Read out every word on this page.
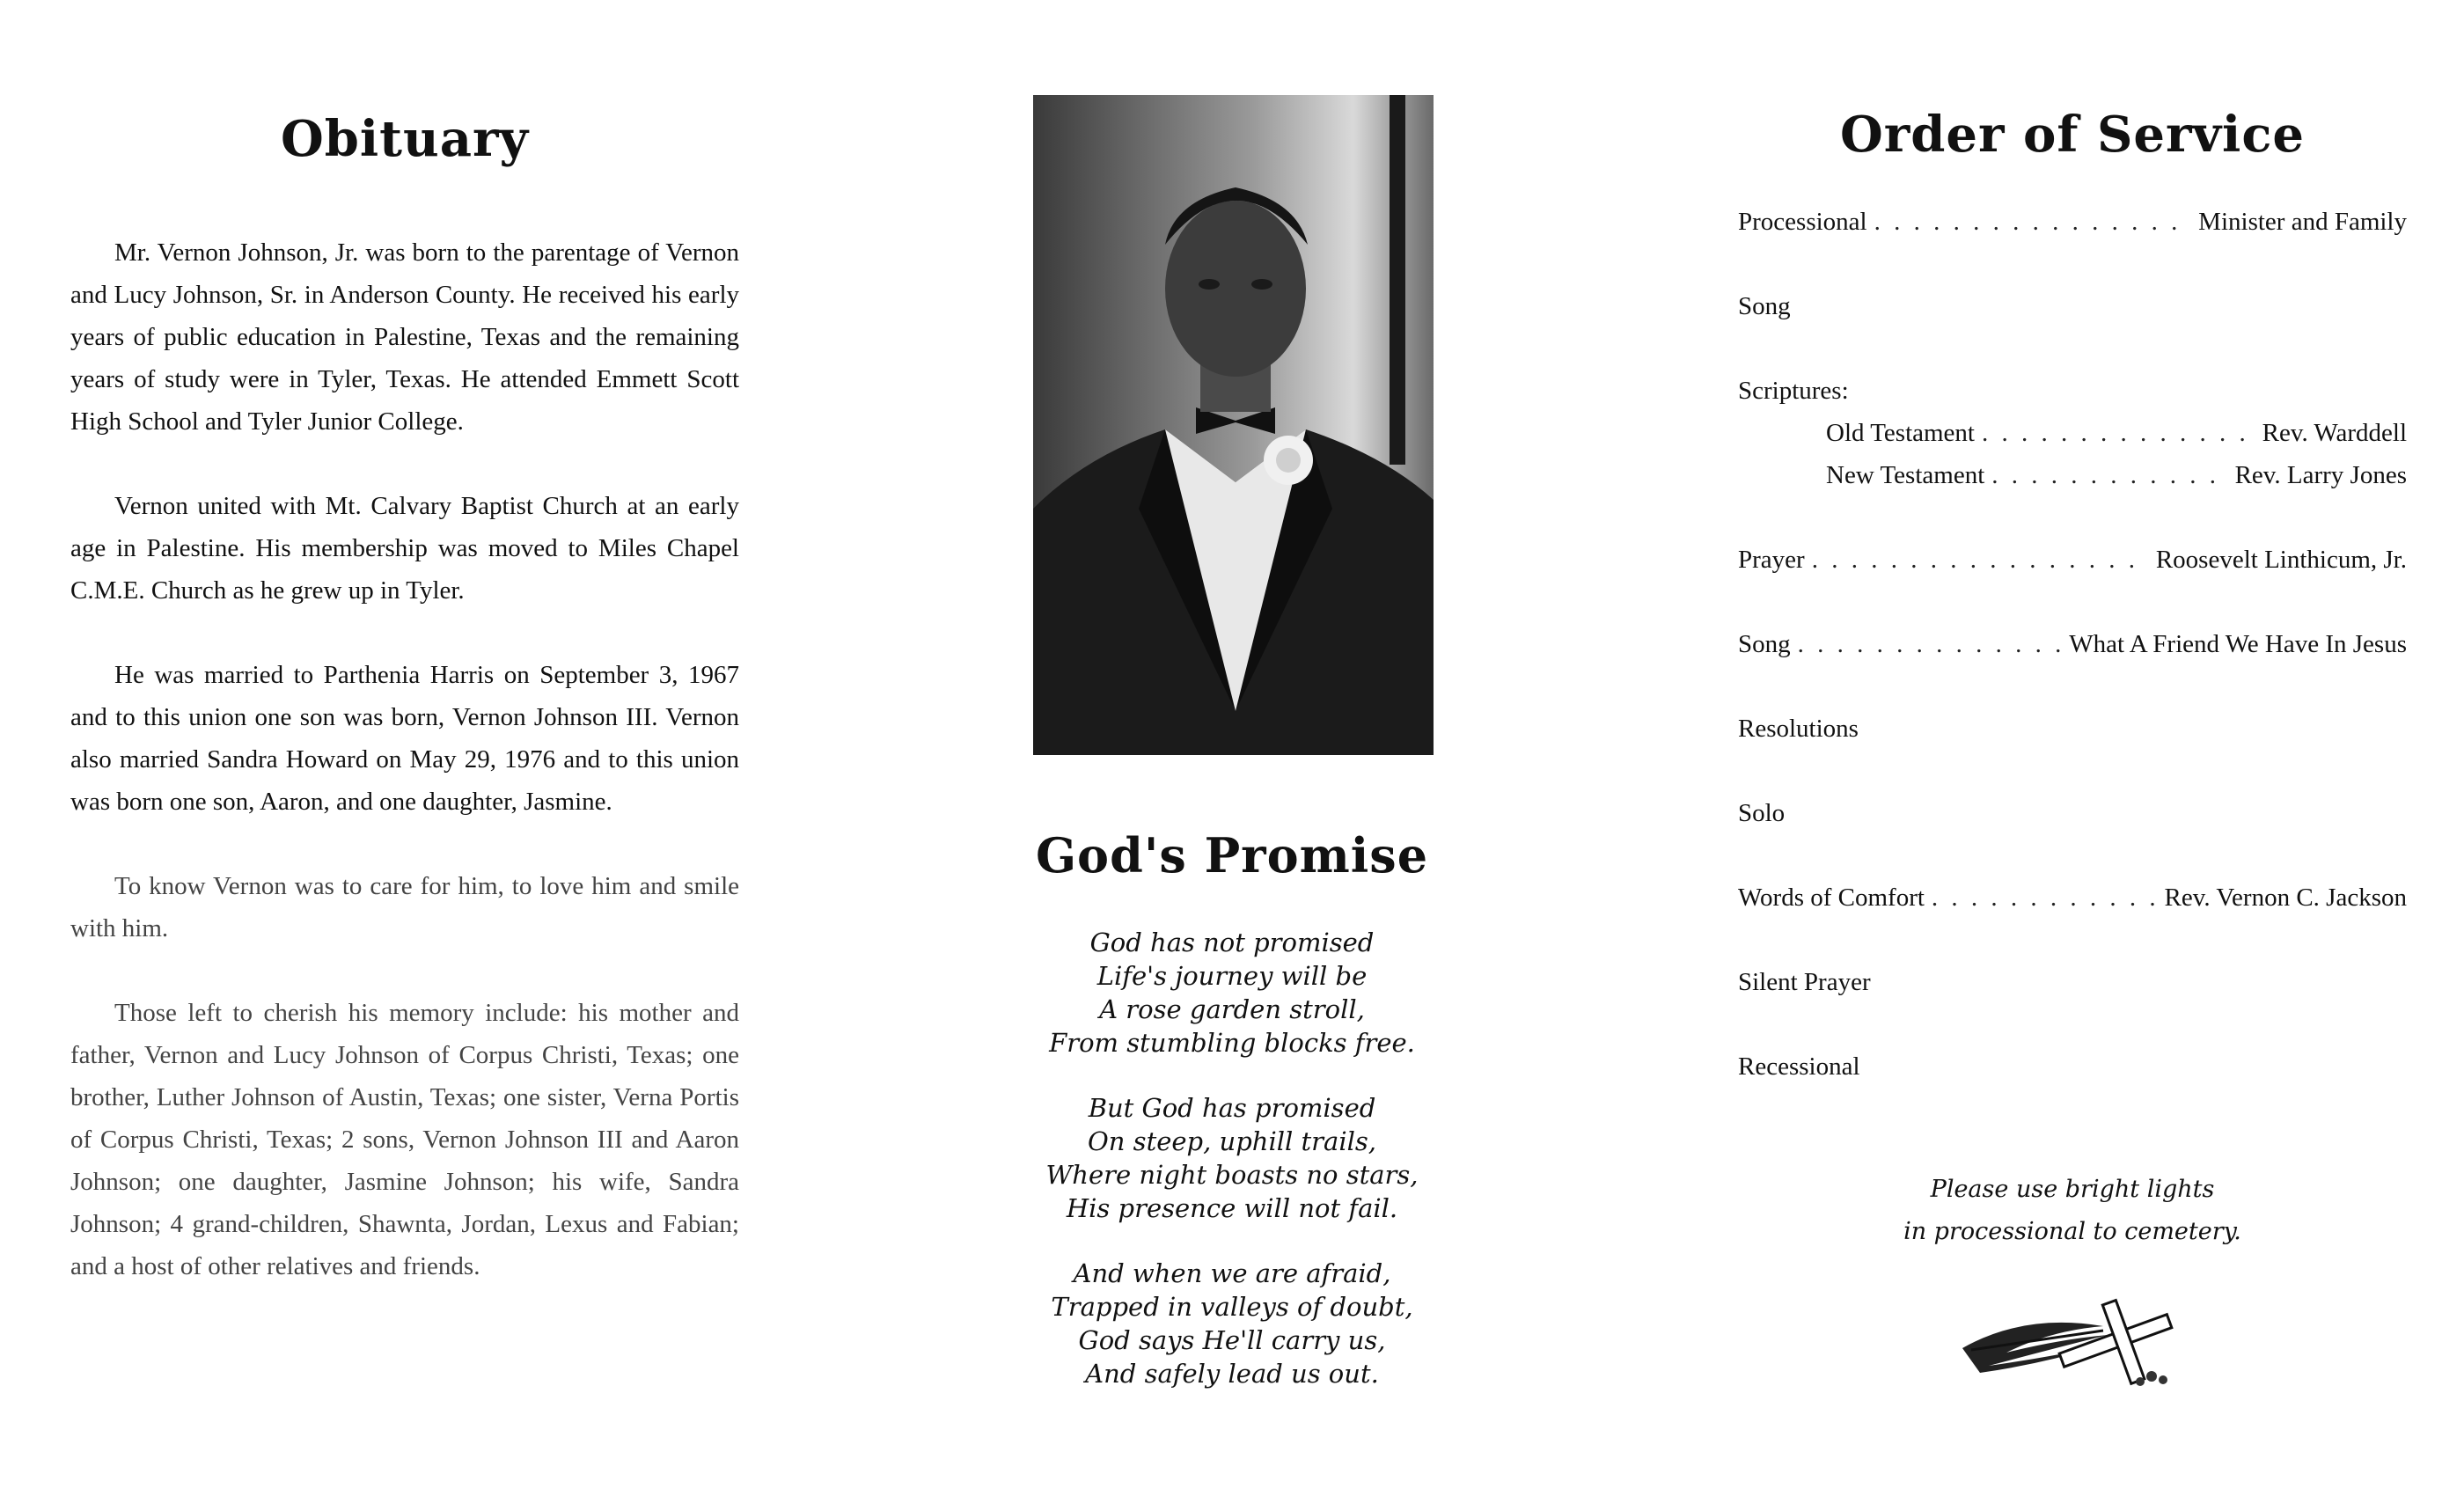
Obituary

Mr. Vernon Johnson, Jr. was born to the parentage of Vernon and Lucy Johnson, Sr. in Anderson County. He received his early years of public education in Palestine, Texas and the remaining years of study were in Tyler, Texas. He attended Emmett Scott High School and Tyler Junior College.

Vernon united with Mt. Calvary Baptist Church at an early age in Palestine. His membership was moved to Miles Chapel C.M.E. Church as he grew up in Tyler.

He was married to Parthenia Harris on September 3, 1967 and to this union one son was born, Vernon Johnson III. Vernon also married Sandra Howard on May 29, 1976 and to this union was born one son, Aaron, and one daughter, Jasmine.

To know Vernon was to care for him, to love him and smile with him.

Those left to cherish his memory include: his mother and father, Vernon and Lucy Johnson of Corpus Christi, Texas; one brother, Luther Johnson of Austin, Texas; one sister, Verna Portis of Corpus Christi, Texas; 2 sons, Vernon Johnson III and Aaron Johnson; one daughter, Jasmine Johnson; his wife, Sandra Johnson; 4 grand-children, Shawnta, Jordan, Lexus and Fabian; and a host of other relatives and friends.

God's Promise
God has not promised
Life's journey will be
A rose garden stroll,
From stumbling blocks free.
But God has promised
On steep, uphill trails,
Where night boasts no stars,
His presence will not fail.
And when we are afraid,
Trapped in valleys of doubt,
God says He'll carry us,
And safely lead us out.
Order of Service
Processional . . .	Minister and Family
Song
Scriptures:
Old Testament . . .	Rev. Warddell
New Testament . . .	Rev. Larry Jones
Prayer . . .	Roosevelt Linthicum, Jr.
Song . . .	What A Friend We Have In Jesus
Resolutions
Solo
Words of Comfort . . .	Rev. Vernon C. Jackson
Silent Prayer
Recessional
Please use bright lights
in processional to cemetery.
